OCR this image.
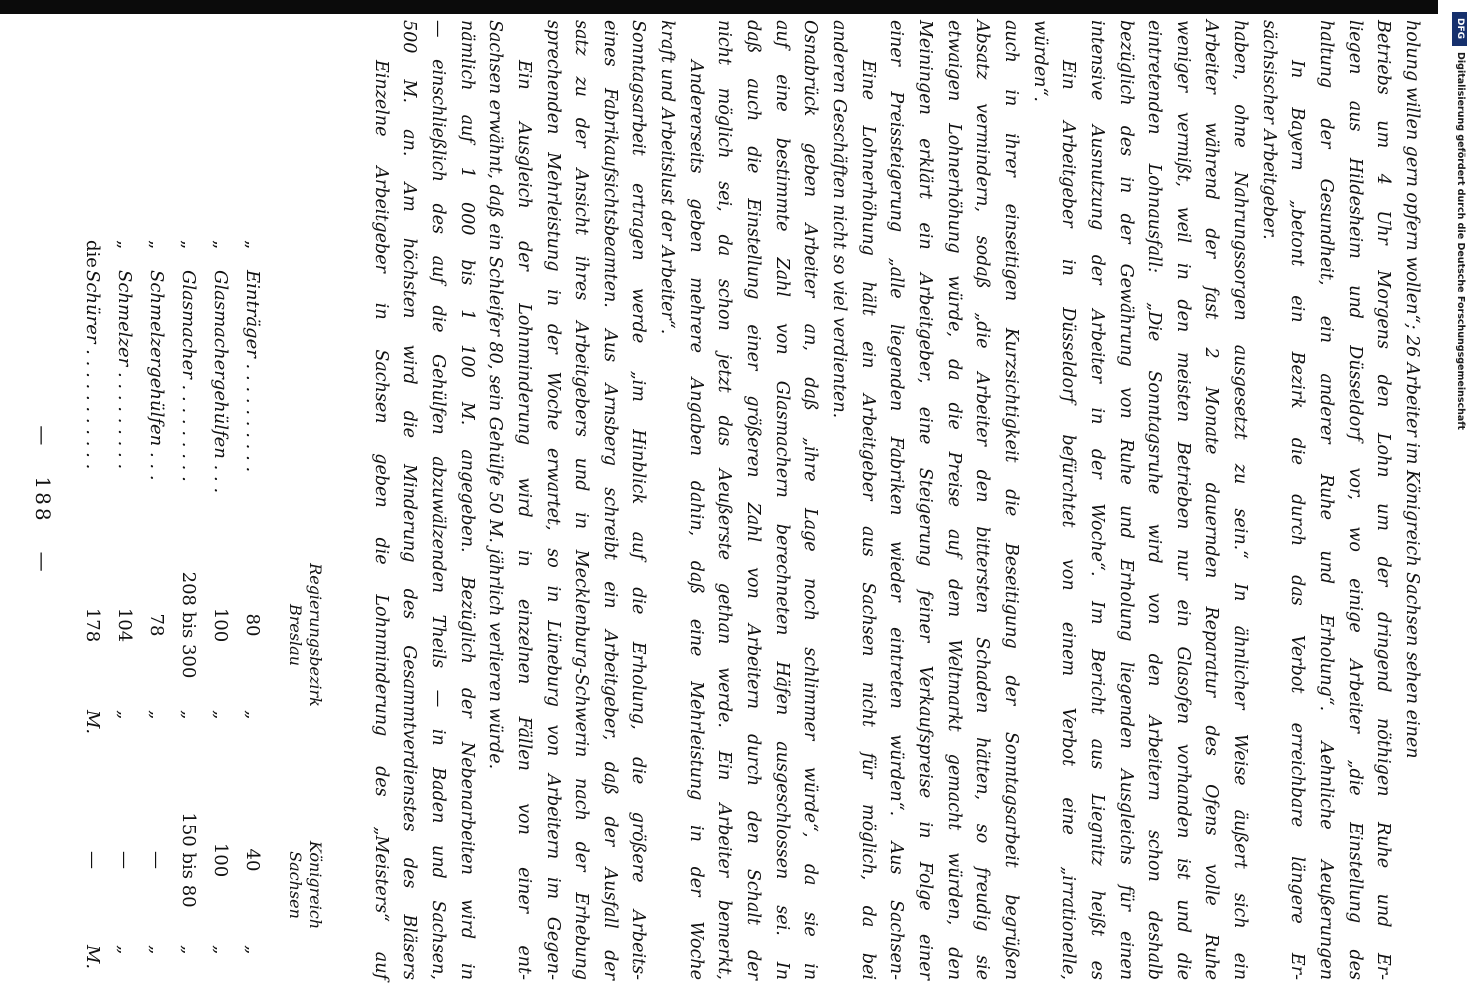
DFG
Digitalisierung gefördert durch die Deutsche Forschungsgemeinschaft
Einzelne Arbeitgeber in Sachsen geben die Lohnminderung des „Meisters“ auf 500 M. an. Am höchsten wird die Minderung des Gesammtverdienstes des Bläsers — einschließlich des auf die Gehülfen abzuwälzenden Theils — in Baden und Sachsen, nämlich auf 1 000 bis 1 100 M. angegeben. Bezüglich der Nebenarbeiten wird in Sachsen erwähnt, daß ein Schleifer 80, sein Gehülfe 50 M. jährlich verlieren würde. Ein Ausgleich der Lohnminderung wird in einzelnen Fällen von einer ent- sprechenden Mehrleistung in der Woche erwartet, so in Lüneburg von Arbeitern im Gegen- satz zu der Ansicht ihres Arbeitgebers und in Mecklenburg-Schwerin nach der Erhebung eines Fabrikaufsichtsbeamten. Aus Arnsberg schreibt ein Arbeitgeber, daß der Ausfall der Sonntagsarbeit ertragen werde „im Hinblick auf die Erholung, die größere Arbeits- kraft und Arbeitslust der Arbeiter“. Andererseits geben mehrere Angaben dahin, daß eine Mehrleistung in der Woche nicht möglich sei, da schon jetzt das Aeußerste gethan werde. Ein Arbeiter bemerkt, daß auch die Einstellung einer größeren Zahl von Arbeitern durch den Schalt der auf eine bestimmte Zahl von Glasmachern berechneten Häfen ausgeschlossen sei. In Osnabrück geben Arbeiter an, daß „ihre Lage noch schlimmer würde“, da sie in anderen Geschäften nicht so viel verdienten. Eine Lohnerhöhung hält ein Arbeitgeber aus Sachsen nicht für möglich, da bei einer Preissteigerung „alle liegenden Fabriken wieder eintreten würden“. Aus Sachsen- Meiningen erklärt ein Arbeitgeber, eine Steigerung feiner Verkaufspreise in Folge einer etwaigen Lohnerhöhung würde, da die Preise auf dem Weltmarkt gemacht würden, den Absatz vermindern, sodaß „die Arbeiter den bittersten Schaden hätten, so freudig sie auch in ihrer einseitigen Kurzsichtigkeit die Beseitigung der Sonntagsarbeit begrüßen würden“. Ein Arbeitgeber in Düsseldorf befürchtet von einem Verbot eine „irrationelle, intensive Ausnutzung der Arbeiter in der Woche“. Im Bericht aus Liegnitz heißt es bezüglich des in der Gewährung von Ruhe und Erholung liegenden Ausgleichs für einen eintretenden Lohnausfall: „Die Sonntagsruhe wird von den Arbeitern schon deshalb weniger vermißt, weil in den meisten Betrieben nur ein Glasofen vorhanden ist und die Arbeiter während der fast 2 Monate dauernden Reparatur des Ofens volle Ruhe haben, ohne Nahrungssorgen ausgesetzt zu sein.“ In ähnlicher Weise äußert sich ein sächsischer Arbeitgeber. In Bayern „betont ein Bezirk die durch das Verbot erreichbare längere Er- haltung der Gesundheit, ein anderer Ruhe und Erholung“. Aehnliche Aeußerungen liegen aus Hildesheim und Düsseldorf vor, wo einige Arbeiter „die Einstellung des Betriebs um 4 Uhr Morgens den Lohn um der dringend nöthigen Ruhe und Er- holung willen gern opfern wollen“; 26 Arbeiter im Königreich Sachsen sehen einen
Regierungsbezirk
Breslau
Königreich
Sachsen
die
Schürer . . . . . . . . . . .
178
M.
—
M.
„
Schmelzer . . . . . . . . .
104
„
—
„
„
Schmelzergehülfen . . .
78
„
—
„
„
Glasmacher . . . . . . . . .
208 bis 300
„
150 bis 80
„
„
Glasmachergehülfen . . .
100
„
100
„
„
Einträger . . . . . . . . . .
80
„
40
„
—188—
